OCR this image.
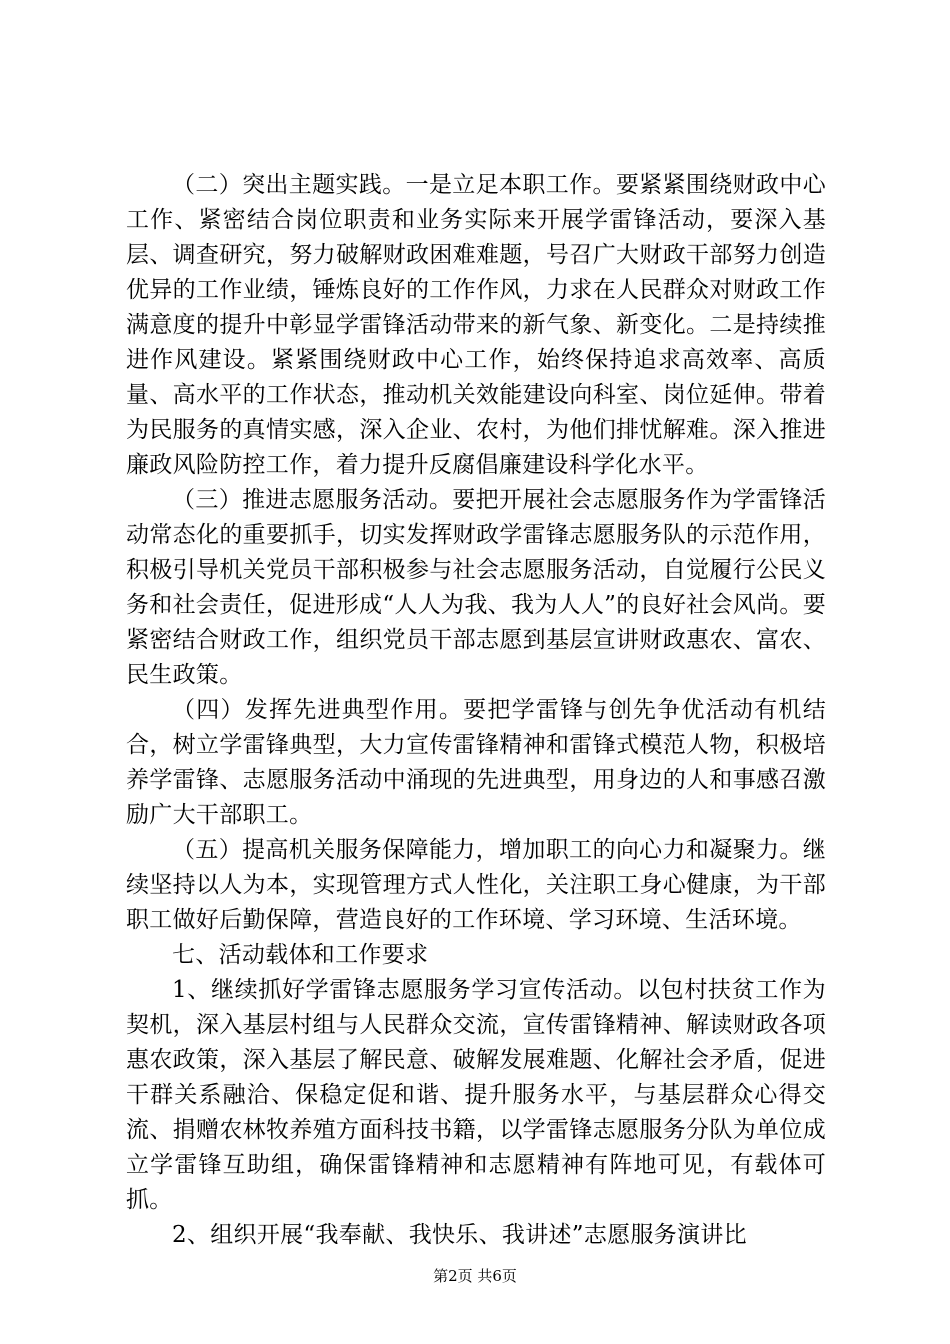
（二）突出主题实践。一是立足本职工作。要紧紧围绕财政中心工作、紧密结合岗位职责和业务实际来开展学雷锋活动，要深入基层、调查研究，努力破解财政困难难题，号召广大财政干部努力创造优异的工作业绩，锤炼良好的工作作风，力求在人民群众对财政工作满意度的提升中彰显学雷锋活动带来的新气象、新变化。二是持续推进作风建设。紧紧围绕财政中心工作，始终保持追求高效率、高质量、高水平的工作状态，推动机关效能建设向科室、岗位延伸。带着为民服务的真情实感，深入企业、农村，为他们排忧解难。深入推进廉政风险防控工作，着力提升反腐倡廉建设科学化水平。

（三）推进志愿服务活动。要把开展社会志愿服务作为学雷锋活动常态化的重要抓手，切实发挥财政学雷锋志愿服务队的示范作用，积极引导机关党员干部积极参与社会志愿服务活动，自觉履行公民义务和社会责任，促进形成“人人为我、我为人人”的良好社会风尚。要紧密结合财政工作，组织党员干部志愿到基层宣讲财政惠农、富农、民生政策。

（四）发挥先进典型作用。要把学雷锋与创先争优活动有机结合，树立学雷锋典型，大力宣传雷锋精神和雷锋式模范人物，积极培养学雷锋、志愿服务活动中涌现的先进典型，用身边的人和事感召激励广大干部职工。

（五）提高机关服务保障能力，增加职工的向心力和凝聚力。继续坚持以人为本，实现管理方式人性化，关注职工身心健康，为干部职工做好后勤保障，营造良好的工作环境、学习环境、生活环境。

七、活动载体和工作要求

1、继续抓好学雷锋志愿服务学习宣传活动。以包村扶贫工作为契机，深入基层村组与人民群众交流，宣传雷锋精神、解读财政各项惠农政策，深入基层了解民意、破解发展难题、化解社会矛盾，促进干群关系融洽、保稳定促和谐、提升服务水平，与基层群众心得交流、捐赠农林牧养殖方面科技书籍，以学雷锋志愿服务分队为单位成立学雷锋互助组，确保雷锋精神和志愿精神有阵地可见，有载体可抓。

2、组织开展“我奉献、我快乐、我讲述”志愿服务演讲比

第2页 共6页
